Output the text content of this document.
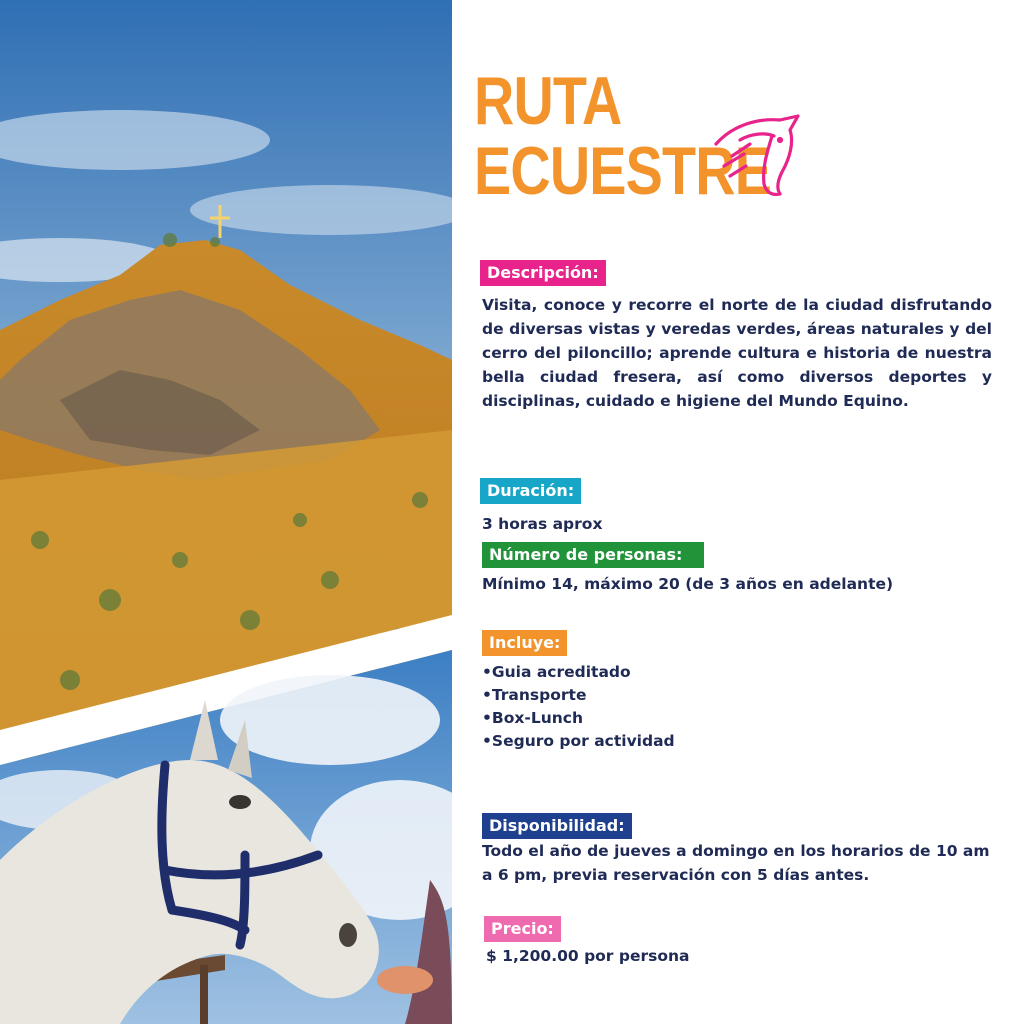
RUTA
ECUESTRE
Descripción:
Visita, conoce y recorre el norte de la ciudad disfrutando de diversas vistas y veredas verdes, áreas naturales y del cerro del piloncillo; aprende cultura e historia de nuestra bella ciudad fresera, así como diversos deportes y disciplinas, cuidado e higiene del Mundo Equino.
Duración:
3 horas aprox
Número de personas:
Mínimo 14, máximo 20 (de 3 años en adelante)
Incluye:
• Guia acreditado
• Transporte
• Box-Lunch
• Seguro por actividad
Disponibilidad:
Todo el año de jueves a domingo en los horarios de 10 am a 6 pm, previa reservación con 5 días antes.
Precio:
$ 1,200.00 por persona
